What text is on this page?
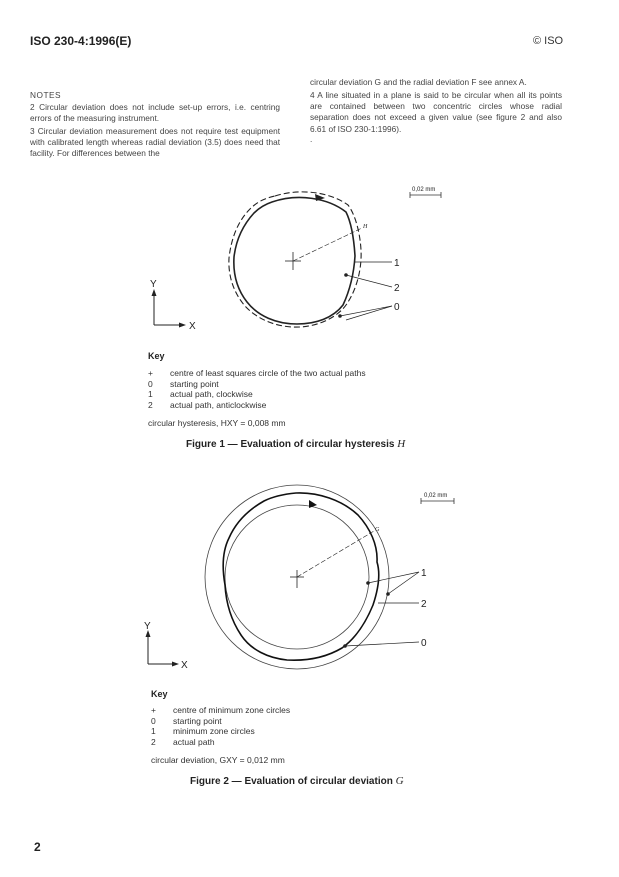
ISO 230-4:1996(E)	© ISO
NOTES
2 Circular deviation does not include set-up errors, i.e. centring errors of the measuring instrument.
3 Circular deviation measurement does not require test equipment with calibrated length whereas radial deviation (3.5) does need that facility. For differences between the
circular deviation G and the radial deviation F see annex A.
4 A line situated in a plane is said to be circular when all its points are contained between two concentric circles whose radial separation does not exceed a given value (see figure 2 and also 6.61 of ISO 230-1:1996).
.
0,02 mm
H
1
2
0
Y
X
Key
+ centre of least squares circle of the two actual paths
0 starting point
1 actual path, clockwise
2 actual path, anticlockwise
circular hysteresis, HXY = 0,008 mm
Figure 1 — Evaluation of circular hysteresis H
0,02 mm
G
1
2
0
Y
X
Key
+ centre of minimum zone circles
0 starting point
1 minimum zone circles
2 actual path
circular deviation, GXY = 0,012 mm
Figure 2 — Evaluation of circular deviation G
2
